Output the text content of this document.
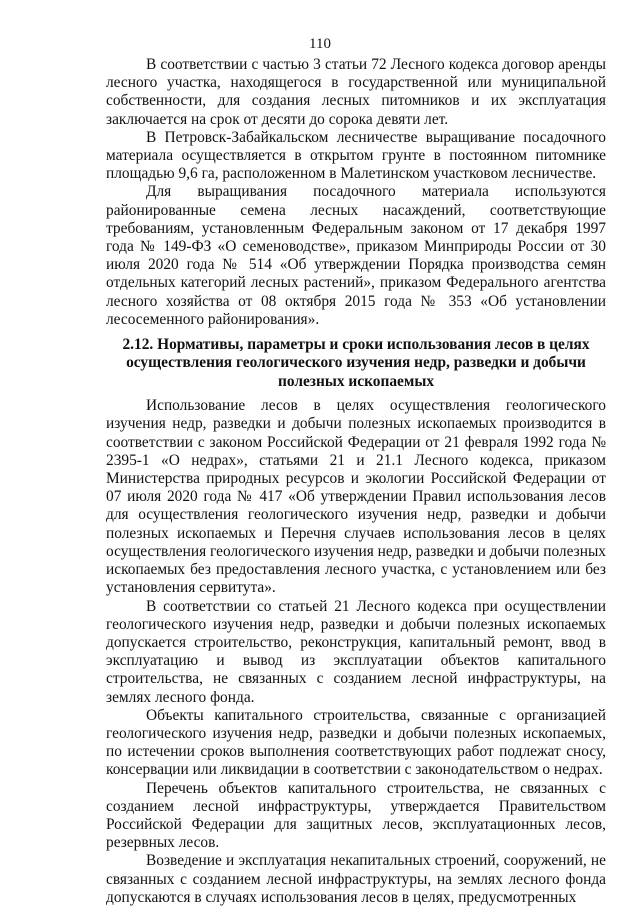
110

В соответствии с частью 3 статьи 72 Лесного кодекса договор аренды лесного участка, находящегося в государственной или муниципальной собственности, для создания лесных питомников и их эксплуатация заключается на срок от десяти до сорока девяти лет.

В Петровск-Забайкальском лесничестве выращивание посадочного материала осуществляется в открытом грунте в постоянном питомнике площадью 9,6 га, расположенном в Малетинском участковом лесничестве.

Для выращивания посадочного материала используются районированные семена лесных насаждений, соответствующие требованиям, установленным Федеральным законом от 17 декабря 1997 года № 149-ФЗ «О семеноводстве», приказом Минприроды России от 30 июля 2020 года № 514 «Об утверждении Порядка производства семян отдельных категорий лесных растений», приказом Федерального агентства лесного хозяйства от 08 октября 2015 года № 353 «Об установлении лесосеменного районирования».

2.12. Нормативы, параметры и сроки использования лесов в целях осуществления геологического изучения недр, разведки и добычи полезных ископаемых

Использование лесов в целях осуществления геологического изучения недр, разведки и добычи полезных ископаемых производится в соответствии с законом Российской Федерации от 21 февраля 1992 года № 2395-1 «О недрах», статьями 21 и 21.1 Лесного кодекса, приказом Министерства природных ресурсов и экологии Российской Федерации от 07 июля 2020 года № 417 «Об утверждении Правил использования лесов для осуществления геологического изучения недр, разведки и добычи полезных ископаемых и Перечня случаев использования лесов в целях осуществления геологического изучения недр, разведки и добычи полезных ископаемых без предоставления лесного участка, с установлением или без установления сервитута».

В соответствии со статьей 21 Лесного кодекса при осуществлении геологического изучения недр, разведки и добычи полезных ископаемых допускается строительство, реконструкция, капитальный ремонт, ввод в эксплуатацию и вывод из эксплуатации объектов капитального строительства, не связанных с созданием лесной инфраструктуры, на землях лесного фонда.

Объекты капитального строительства, связанные с организацией геологического изучения недр, разведки и добычи полезных ископаемых, по истечении сроков выполнения соответствующих работ подлежат сносу, консервации или ликвидации в соответствии с законодательством о недрах.

Перечень объектов капитального строительства, не связанных с созданием лесной инфраструктуры, утверждается Правительством Российской Федерации для защитных лесов, эксплуатационных лесов, резервных лесов.

Возведение и эксплуатация некапитальных строений, сооружений, не связанных с созданием лесной инфраструктуры, на землях лесного фонда допускаются в случаях использования лесов в целях, предусмотренных
